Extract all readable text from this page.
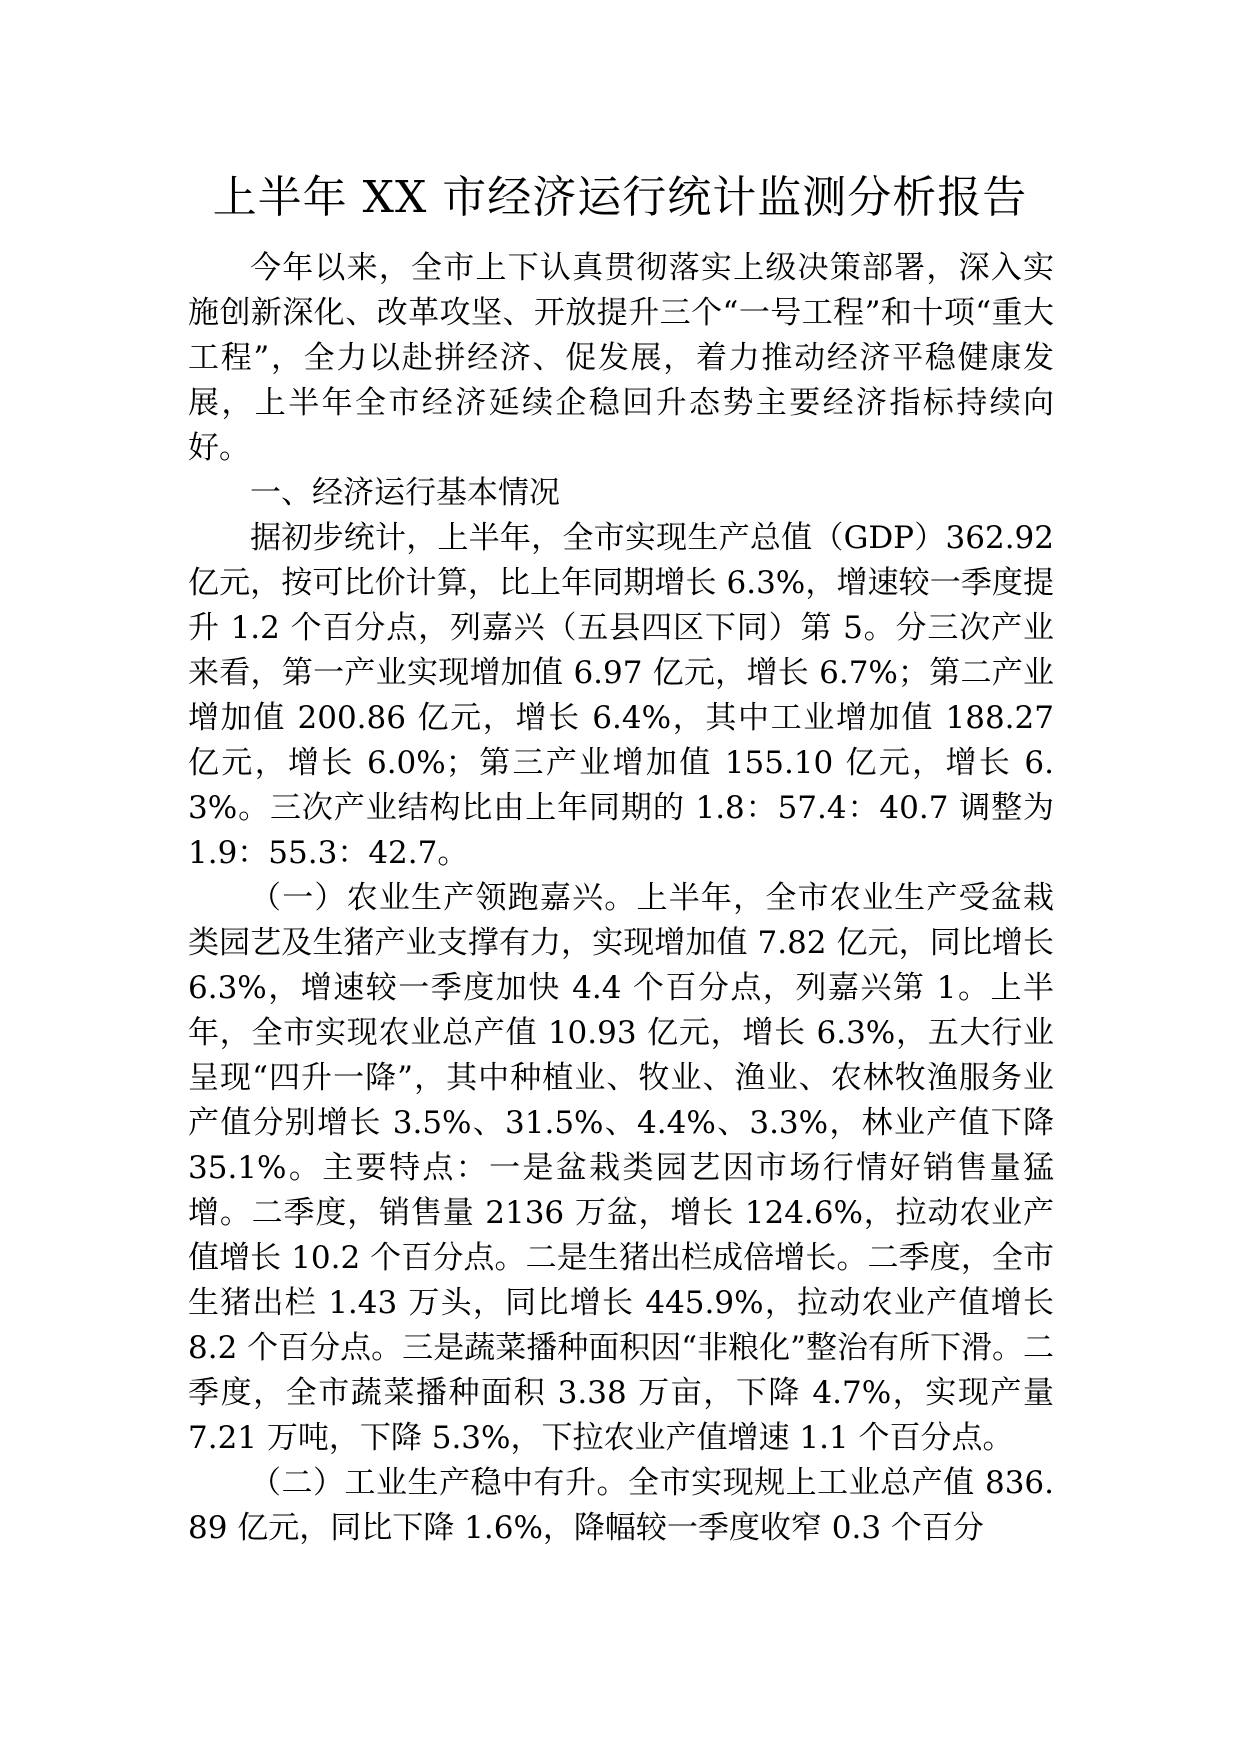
上半年 XX 市经济运行统计监测分析报告

今年以来，全市上下认真贯彻落实上级决策部署，深入实施创新深化、改革攻坚、开放提升三个“一号工程”和十项“重大工程”，全力以赴拼经济、促发展，着力推动经济平稳健康发展，上半年全市经济延续企稳回升态势主要经济指标持续向好。

一、经济运行基本情况

据初步统计，上半年，全市实现生产总值（GDP）362.92 亿元，按可比价计算，比上年同期增长 6.3%，增速较一季度提升 1.2 个百分点，列嘉兴（五县四区下同）第 5。分三次产业来看，第一产业实现增加值 6.97 亿元，增长 6.7%；第二产业增加值 200.86 亿元，增长 6.4%，其中工业增加值 188.27 亿元，增长 6.0%；第三产业增加值 155.10 亿元，增长 6.3%。三次产业结构比由上年同期的 1.8：57.4：40.7 调整为 1.9：55.3：42.7。

（一）农业生产领跑嘉兴。上半年，全市农业生产受盆栽类园艺及生猪产业支撑有力，实现增加值 7.82 亿元，同比增长 6.3%，增速较一季度加快 4.4 个百分点，列嘉兴第 1。上半年，全市实现农业总产值 10.93 亿元，增长 6.3%，五大行业呈现“四升一降”，其中种植业、牧业、渔业、农林牧渔服务业产值分别增长 3.5%、31.5%、4.4%、3.3%，林业产值下降 35.1%。主要特点：一是盆栽类园艺因市场行情好销售量猛增。二季度，销售量 2136 万盆，增长 124.6%，拉动农业产值增长 10.2 个百分点。二是生猪出栏成倍增长。二季度，全市生猪出栏 1.43 万头，同比增长 445.9%，拉动农业产值增长 8.2 个百分点。三是蔬菜播种面积因“非粮化”整治有所下滑。二季度，全市蔬菜播种面积 3.38 万亩，下降 4.7%，实现产量 7.21 万吨，下降 5.3%，下拉农业产值增速 1.1 个百分点。

（二）工业生产稳中有升。全市实现规上工业总产值 836.89 亿元，同比下降 1.6%，降幅较一季度收窄 0.3 个百分
